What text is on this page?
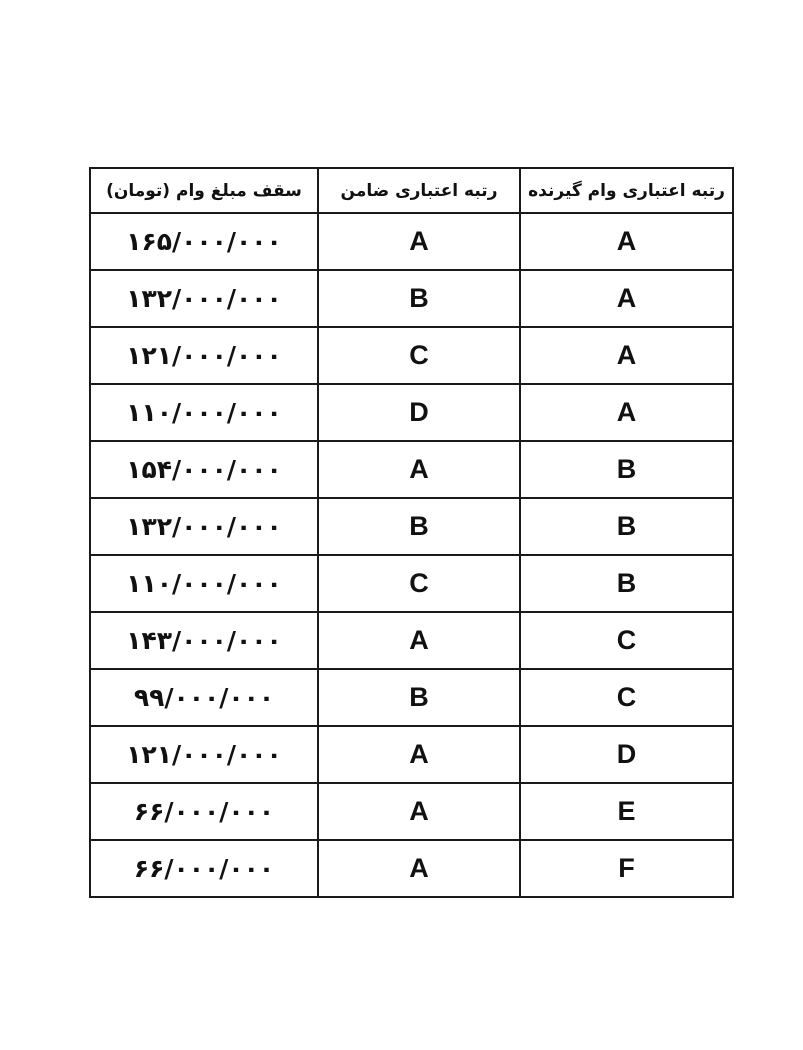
رتبه اعتباری وام گیرنده	رتبه اعتباری ضامن	سقف مبلغ وام (تومان)
A	A	۱۶۵/۰۰۰/۰۰۰
A	B	۱۳۲/۰۰۰/۰۰۰
A	C	۱۲۱/۰۰۰/۰۰۰
A	D	۱۱۰/۰۰۰/۰۰۰
B	A	۱۵۴/۰۰۰/۰۰۰
B	B	۱۳۲/۰۰۰/۰۰۰
B	C	۱۱۰/۰۰۰/۰۰۰
C	A	۱۴۳/۰۰۰/۰۰۰
C	B	۹۹/۰۰۰/۰۰۰
D	A	۱۲۱/۰۰۰/۰۰۰
E	A	۶۶/۰۰۰/۰۰۰
F	A	۶۶/۰۰۰/۰۰۰
